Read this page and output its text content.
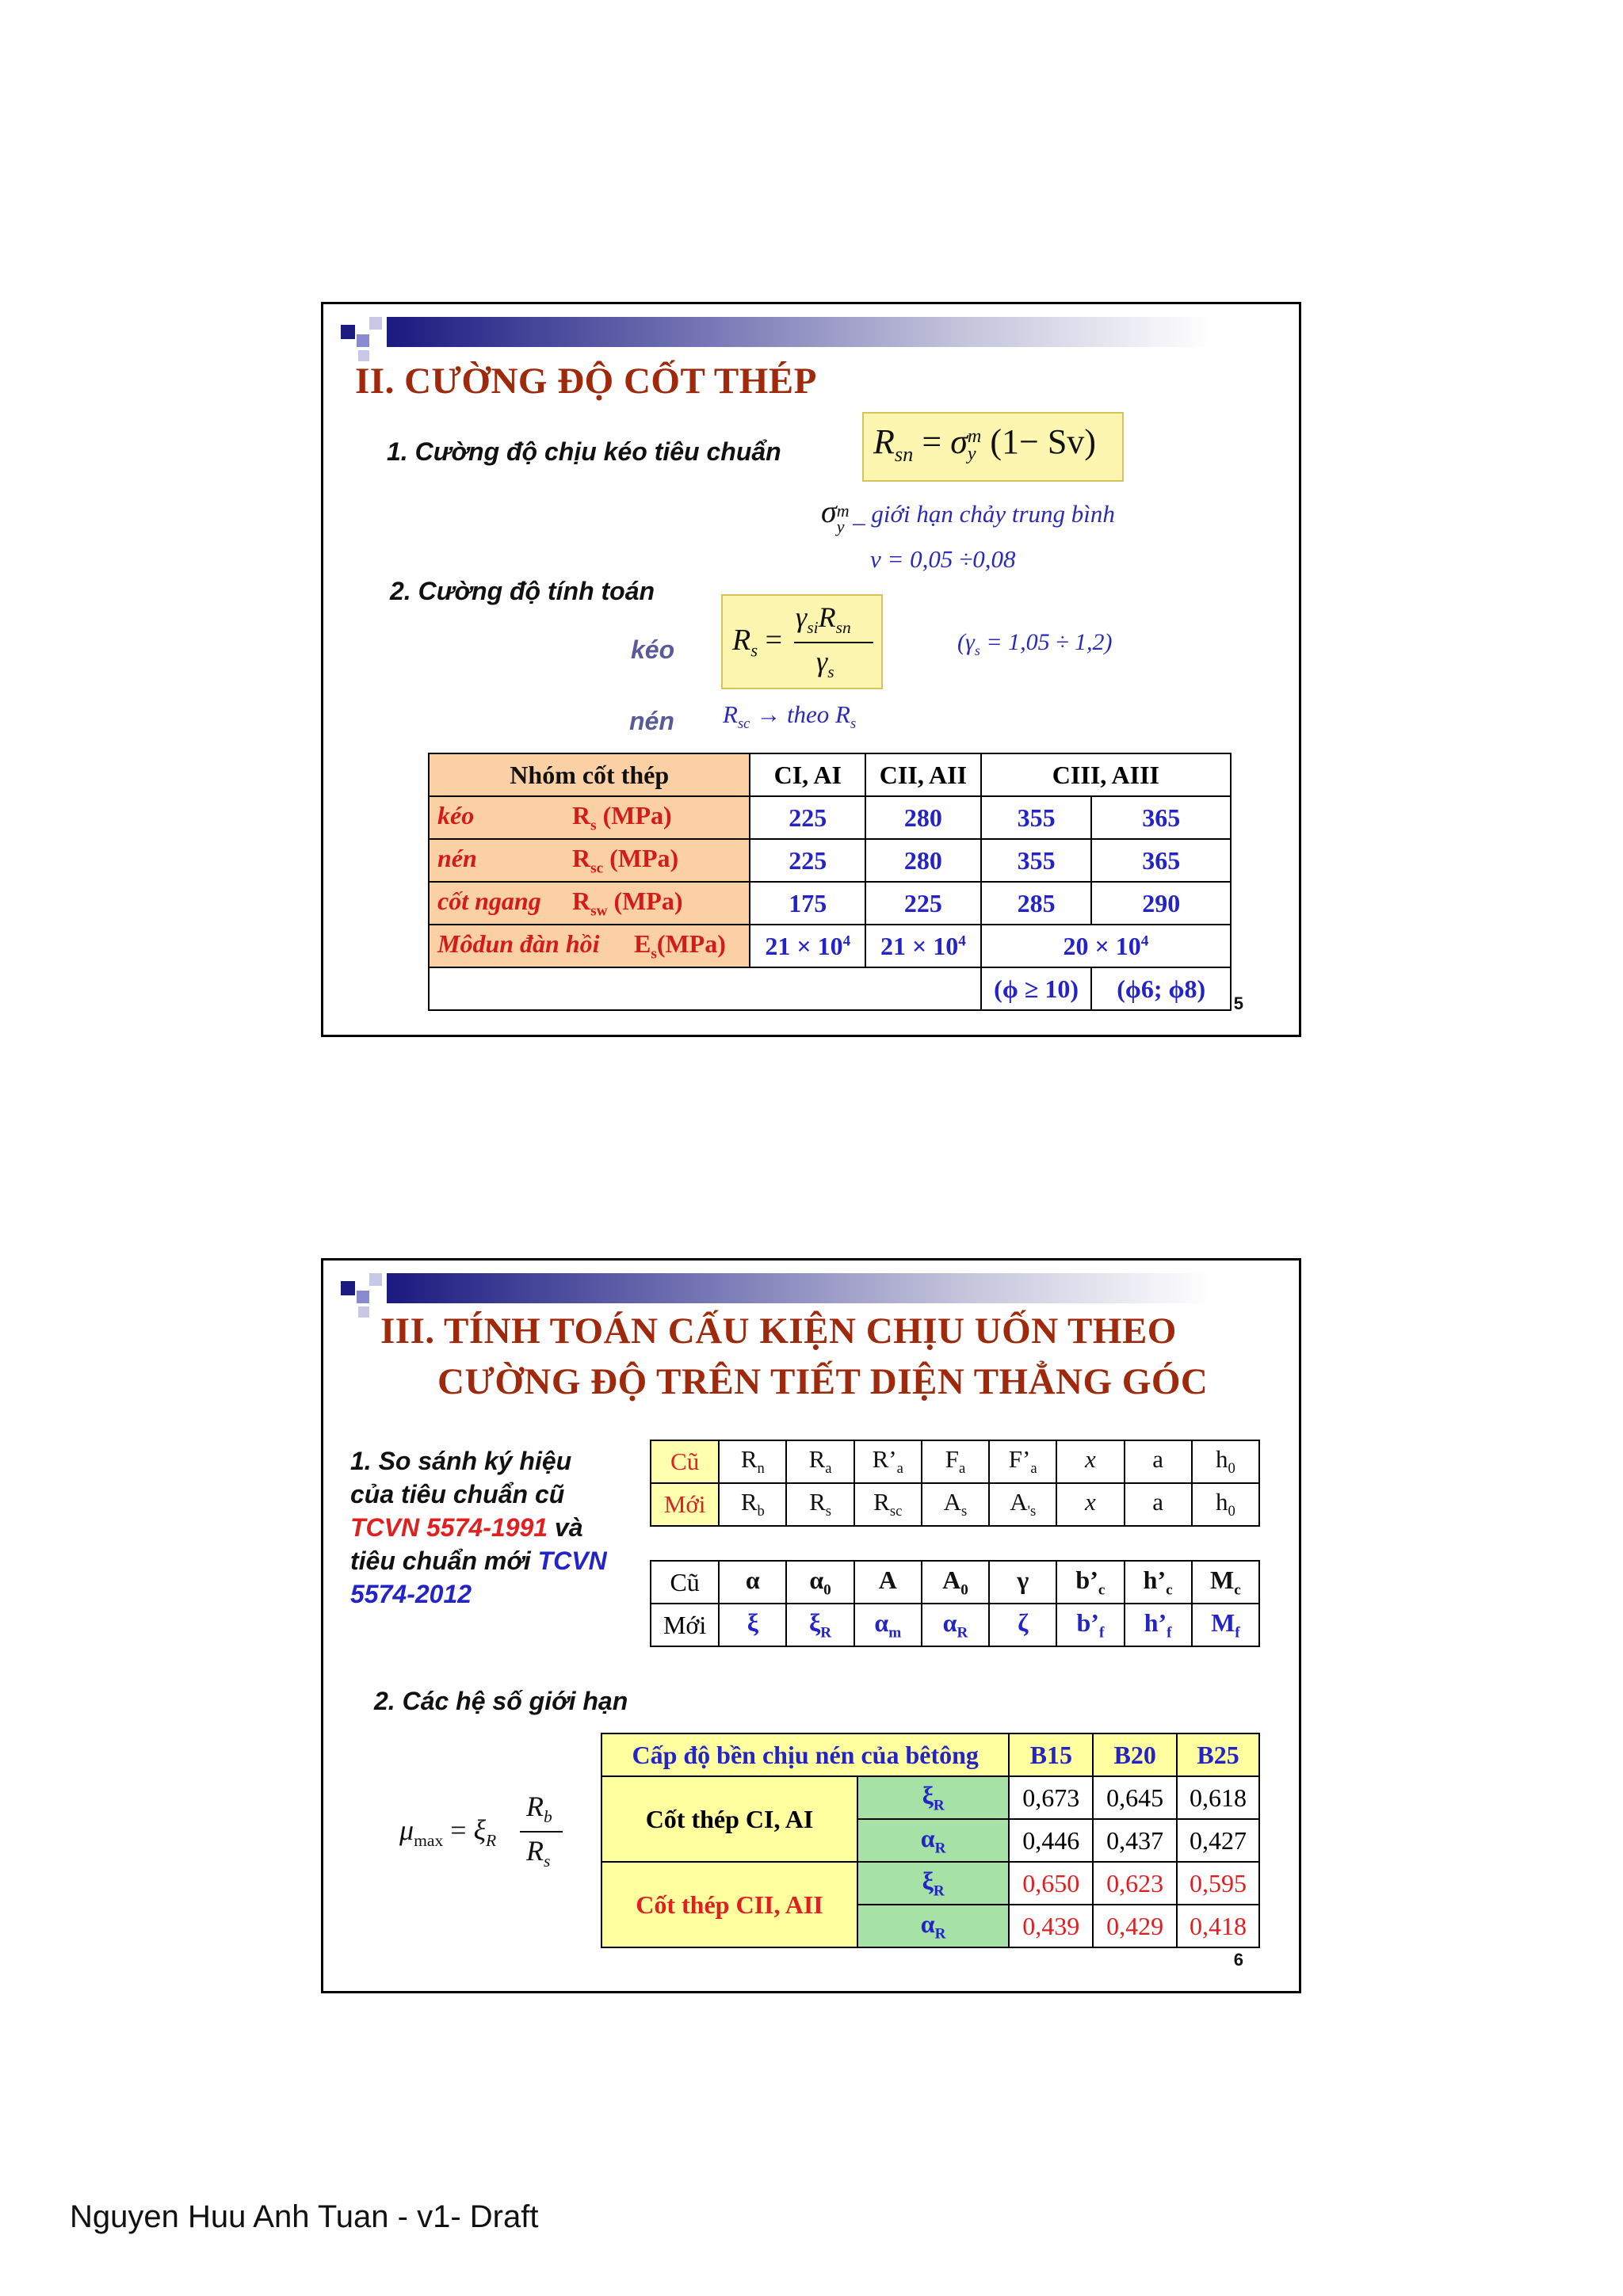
II. CƯỜNG ĐỘ CỐT THÉP
1. Cường độ chịu kéo tiêu chuẩn	$R_{sn} = \sigma$ m
y (1− Sv)
σ m
y _ giới hạn chảy trung bình
v = 0,05 ÷0,08
2. Cường độ tính toán
kéo $R_s$ =
$\gamma_{si}R_{sn}$
$\gamma_s$
$(\gamma_s = 1,05 \div 1,2)$
nén $R_{sc}$ → theo $R_s$
Nhóm cốt thép	CI, AI	CII, AII	CIII, AIII	
kéo $R_s$ (MPa)	225	280	355	365
nén $R_{sc}$ (MPa)	225	280	355	365
cốt ngang $R_{sw}$ (MPa)	175	225	285	290
Môdun đàn hồi $E_s(MPa)$	$21 \times 10^4$	$21 \times 10^4$	$20 \times 10^4$
			(ϕ ≥ 10)	(ϕ6; ϕ8)
5
III. TÍNH TOÁN CẤU KIỆN CHỊU UỐN THEO
CƯỜNG ĐỘ TRÊN TIẾT DIỆN THẲNG GÓC
1. So sánh ký hiệu
của tiêu chuẩn cũ
TCVN 5574-1991 và
tiêu chuẩn mới TCVN
5574-2012
Cũ	$R_n$	$R_a$	$R’_a$	$F_a$	$F’_a$	x	a	$h_0$
Mới	$R_b$	$R_s$	$R_{sc}$	$A_s$	$A_{'s}$	x	a	$h_0$
Cũ	α	$\alpha_0$	A	$A_0$	γ	$b’_c$	$h’_c$	$M_c$
Mới	ξ	$\xi_R$	$\alpha_m$	$\alpha_R$	ζ	$b’_f$	$h’_f$	$M_f$
2. Các hệ số giới hạn
$\mu_{max} = \xi_R$
$R_b$
$R_s$
Cấp độ bền chịu nén của bêtông		B15	B20	B25
Cốt thép CI, AI	$\xi_R$	0,673	0,645	0,618
	$\alpha_R$	0,446	0,437	0,427
Cốt thép CII, AII	$\xi_R$	0,650	0,623	0,595
	$\alpha_R$	0,439	0,429	0,418
6
Nguyen Huu Anh Tuan - v1- Draft
